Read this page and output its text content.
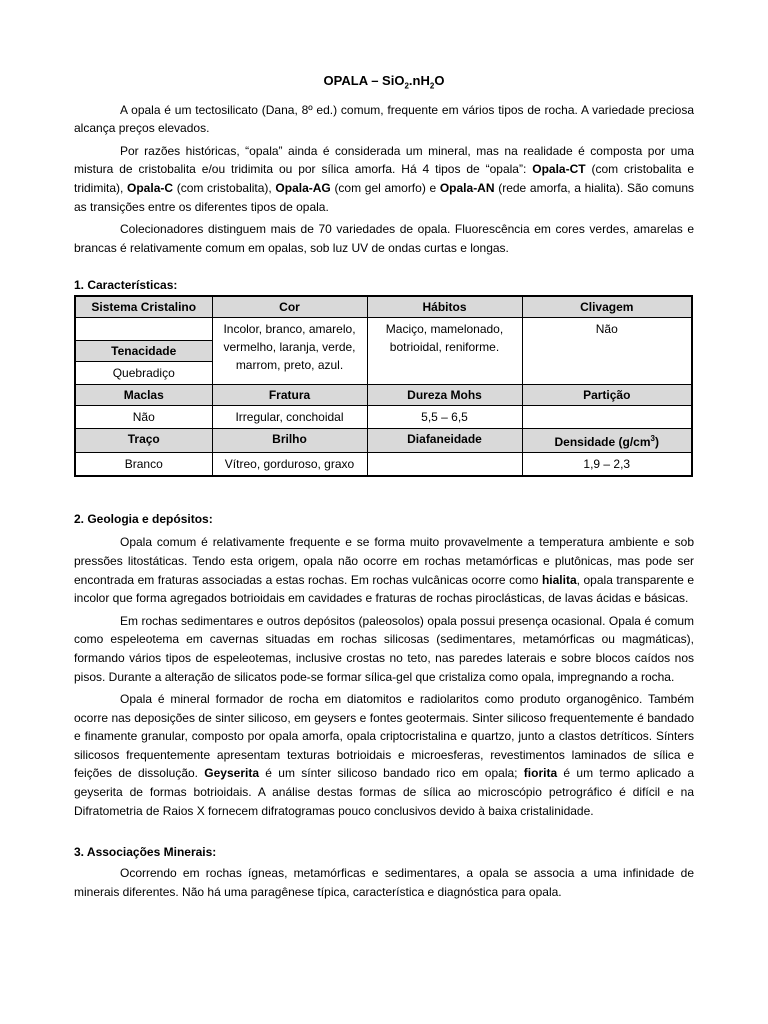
OPALA – $SiO_2.nH_2O$

A opala é um tectosilicato (Dana, 8º ed.) comum, frequente em vários tipos de rocha. A variedade preciosa alcança preços elevados.

Por razões históricas, “opala” ainda é considerada um mineral, mas na realidade é composta por uma mistura de cristobalita e/ou tridimita ou por sílica amorfa. Há 4 tipos de “opala”: Opala-CT (com cristobalita e tridimita), Opala-C (com cristobalita), Opala-AG (com gel amorfo) e Opala-AN (rede amorfa, a hialita). São comuns as transições entre os diferentes tipos de opala.

Colecionadores distinguem mais de 70 variedades de opala. Fluorescência em cores verdes, amarelas e brancas é relativamente comum em opalas, sob luz UV de ondas curtas e longas.

1. Características:
Sistema Cristalino	Cor	Hábitos	Clivagem
	Incolor, branco, amarelo, vermelho, laranja, verde, marrom, preto, azul.	Maciço, mamelonado, botrioidal, reniforme.	Não
Tenacidade			
Quebradiço			
Maclas	Fratura	Dureza Mohs	Partição
Não	Irregular, conchoidal	5,5 – 6,5	
Traço	Brilho	Diafaneidade	Densidade $(g/cm^3)$
Branco	Vítreo, gorduroso, graxo		1,9 – 2,3
2. Geologia e depósitos:

Opala comum é relativamente frequente e se forma muito provavelmente a temperatura ambiente e sob pressões litostáticas. Tendo esta origem, opala não ocorre em rochas metamórficas e plutônicas, mas pode ser encontrada em fraturas associadas a estas rochas. Em rochas vulcânicas ocorre como hialita, opala transparente e incolor que forma agregados botrioidais em cavidades e fraturas de rochas piroclásticas, de lavas ácidas e básicas.

Em rochas sedimentares e outros depósitos (paleosolos) opala possui presença ocasional. Opala é comum como espeleotema em cavernas situadas em rochas silicosas (sedimentares, metamórficas ou magmáticas), formando vários tipos de espeleotemas, inclusive crostas no teto, nas paredes laterais e sobre blocos caídos nos pisos. Durante a alteração de silicatos pode-se formar sílica-gel que cristaliza como opala, impregnando a rocha.

Opala é mineral formador de rocha em diatomitos e radiolaritos como produto organogênico. Também ocorre nas deposições de sinter silicoso, em geysers e fontes geotermais. Sinter silicoso frequentemente é bandado e finamente granular, composto por opala amorfa, opala criptocristalina e quartzo, junto a clastos detríticos. Sínters silicosos frequentemente apresentam texturas botrioidais e microesferas, revestimentos laminados de sílica e feições de dissolução. Geyserita é um sínter silicoso bandado rico em opala; fiorita é um termo aplicado a geyserita de formas botrioidais. A análise destas formas de sílica ao microscópio petrográfico é difícil e na Difratometria de Raios X fornecem difratogramas pouco conclusivos devido à baixa cristalinidade.

3. Associações Minerais:

Ocorrendo em rochas ígneas, metamórficas e sedimentares, a opala se associa a uma infinidade de minerais diferentes. Não há uma paragênese típica, característica e diagnóstica para opala.
